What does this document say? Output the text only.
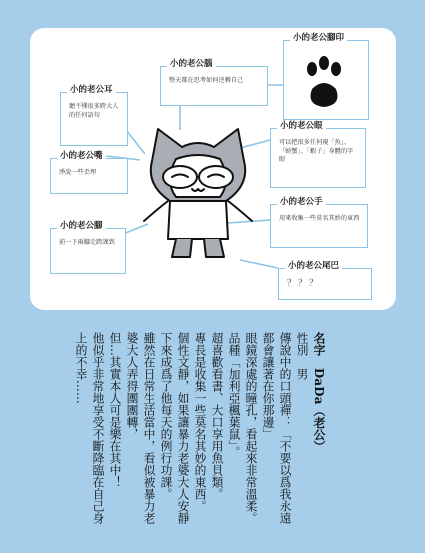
小的老公腳印
小的老公腦
整天都在思考如何逆轉自己
小的老公耳
聽不懂很多跨大人的任何語句
小的老公眼
可以把很多任何視「魚」、「螃蟹」、「蝦子」身體的字眼
小的老公嘴
淨說一些歪理
小的老公手
用來收集一些莫名其妙的東西
小的老公腳
前一下兩腳走跨課到
小的老公尾巴
？？？
名字　DaDa（老公）
性別　男
傳說中的口頭禪：「不要以爲我永遠
都會讓著在你那邊」
眼鏡深處的瞳孔，看起來非常溫柔。
品種「加利亞楓葉鼠」。
超喜歡看書、大口享用魚貝類。
專長是收集一些莫名其妙的東西。
個性文靜，如果讓暴力老婆大人安靜
下來成爲了他每天的例行功課。
雖然在日常生活當中，看似被暴力老
婆大人弄得團團轉，
但…其實本人可是樂在其中！
他似乎非常地享受不斷降臨在自己身
上的不幸……
